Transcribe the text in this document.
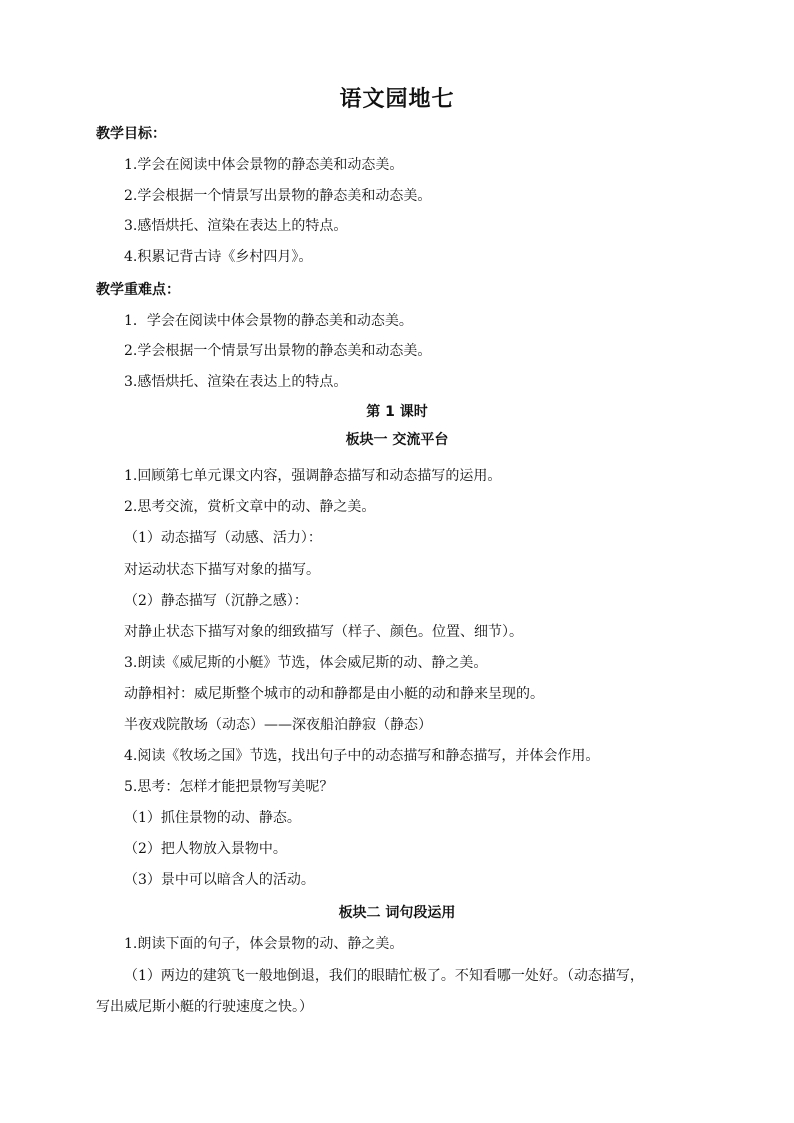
语文园地七
教学目标：
1.学会在阅读中体会景物的静态美和动态美。
2.学会根据一个情景写出景物的静态美和动态美。
3.感悟烘托、渲染在表达上的特点。
4.积累记背古诗《乡村四月》。
教学重难点：
1．学会在阅读中体会景物的静态美和动态美。
2.学会根据一个情景写出景物的静态美和动态美。
3.感悟烘托、渲染在表达上的特点。
第 1 课时
板块一 交流平台
1.回顾第七单元课文内容，强调静态描写和动态描写的运用。
2.思考交流，赏析文章中的动、静之美。
（1）动态描写（动感、活力）：
对运动状态下描写对象的描写。
（2）静态描写（沉静之感）：
对静止状态下描写对象的细致描写（样子、颜色。位置、细节）。
3.朗读《威尼斯的小艇》节选，体会威尼斯的动、静之美。
动静相衬：威尼斯整个城市的动和静都是由小艇的动和静来呈现的。
半夜戏院散场（动态）——深夜船泊静寂（静态）
4.阅读《牧场之国》节选，找出句子中的动态描写和静态描写，并体会作用。
5.思考：怎样才能把景物写美呢？
（1）抓住景物的动、静态。
（2）把人物放入景物中。
（3）景中可以暗含人的活动。
板块二 词句段运用
1.朗读下面的句子，体会景物的动、静之美。
（1）两边的建筑飞一般地倒退，我们的眼睛忙极了。不知看哪一处好。（动态描写，
写出威尼斯小艇的行驶速度之快。）
